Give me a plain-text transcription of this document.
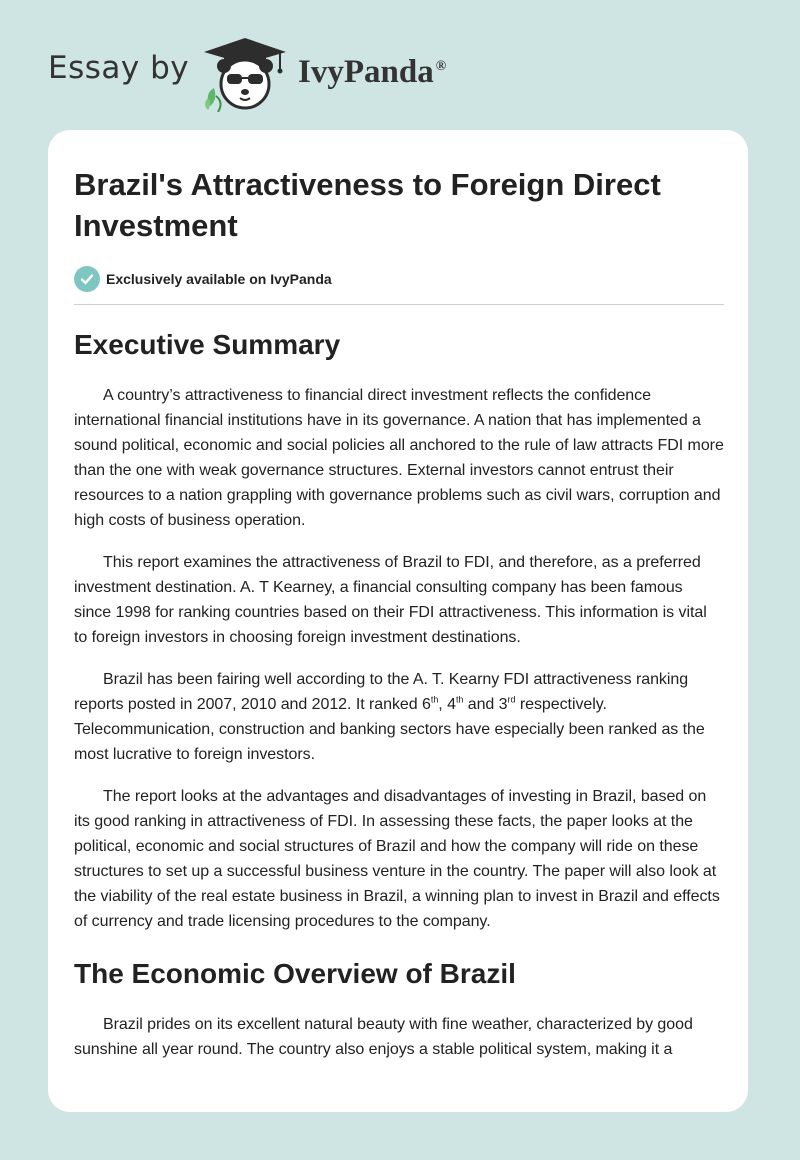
Essay by	IvyPanda ®
Brazil's Attractiveness to Foreign Direct Investment
Exclusively available on IvyPanda
Executive Summary

A country’s attractiveness to financial direct investment reflects the confidence international financial institutions have in its governance. A nation that has implemented a sound political, economic and social policies all anchored to the rule of law attracts FDI more than the one with weak governance structures. External investors cannot entrust their resources to a nation grappling with governance problems such as civil wars, corruption and high costs of business operation.

This report examines the attractiveness of Brazil to FDI, and therefore, as a preferred investment destination. A. T Kearney, a financial consulting company has been famous since 1998 for ranking countries based on their FDI attractiveness. This information is vital to foreign investors in choosing foreign investment destinations.

Brazil has been fairing well according to the A. T. Kearny FDI attractiveness ranking reports posted in 2007, 2010 and 2012. It ranked 6th, 4th and 3rd respectively. Telecommunication, construction and banking sectors have especially been ranked as the most lucrative to foreign investors.

The report looks at the advantages and disadvantages of investing in Brazil, based on its good ranking in attractiveness of FDI. In assessing these facts, the paper looks at the political, economic and social structures of Brazil and how the company will ride on these structures to set up a successful business venture in the country. The paper will also look at the viability of the real estate business in Brazil, a winning plan to invest in Brazil and effects of currency and trade licensing procedures to the company.

The Economic Overview of Brazil

Brazil prides on its excellent natural beauty with fine weather, characterized by good sunshine all year round. The country also enjoys a stable political system, making it a
